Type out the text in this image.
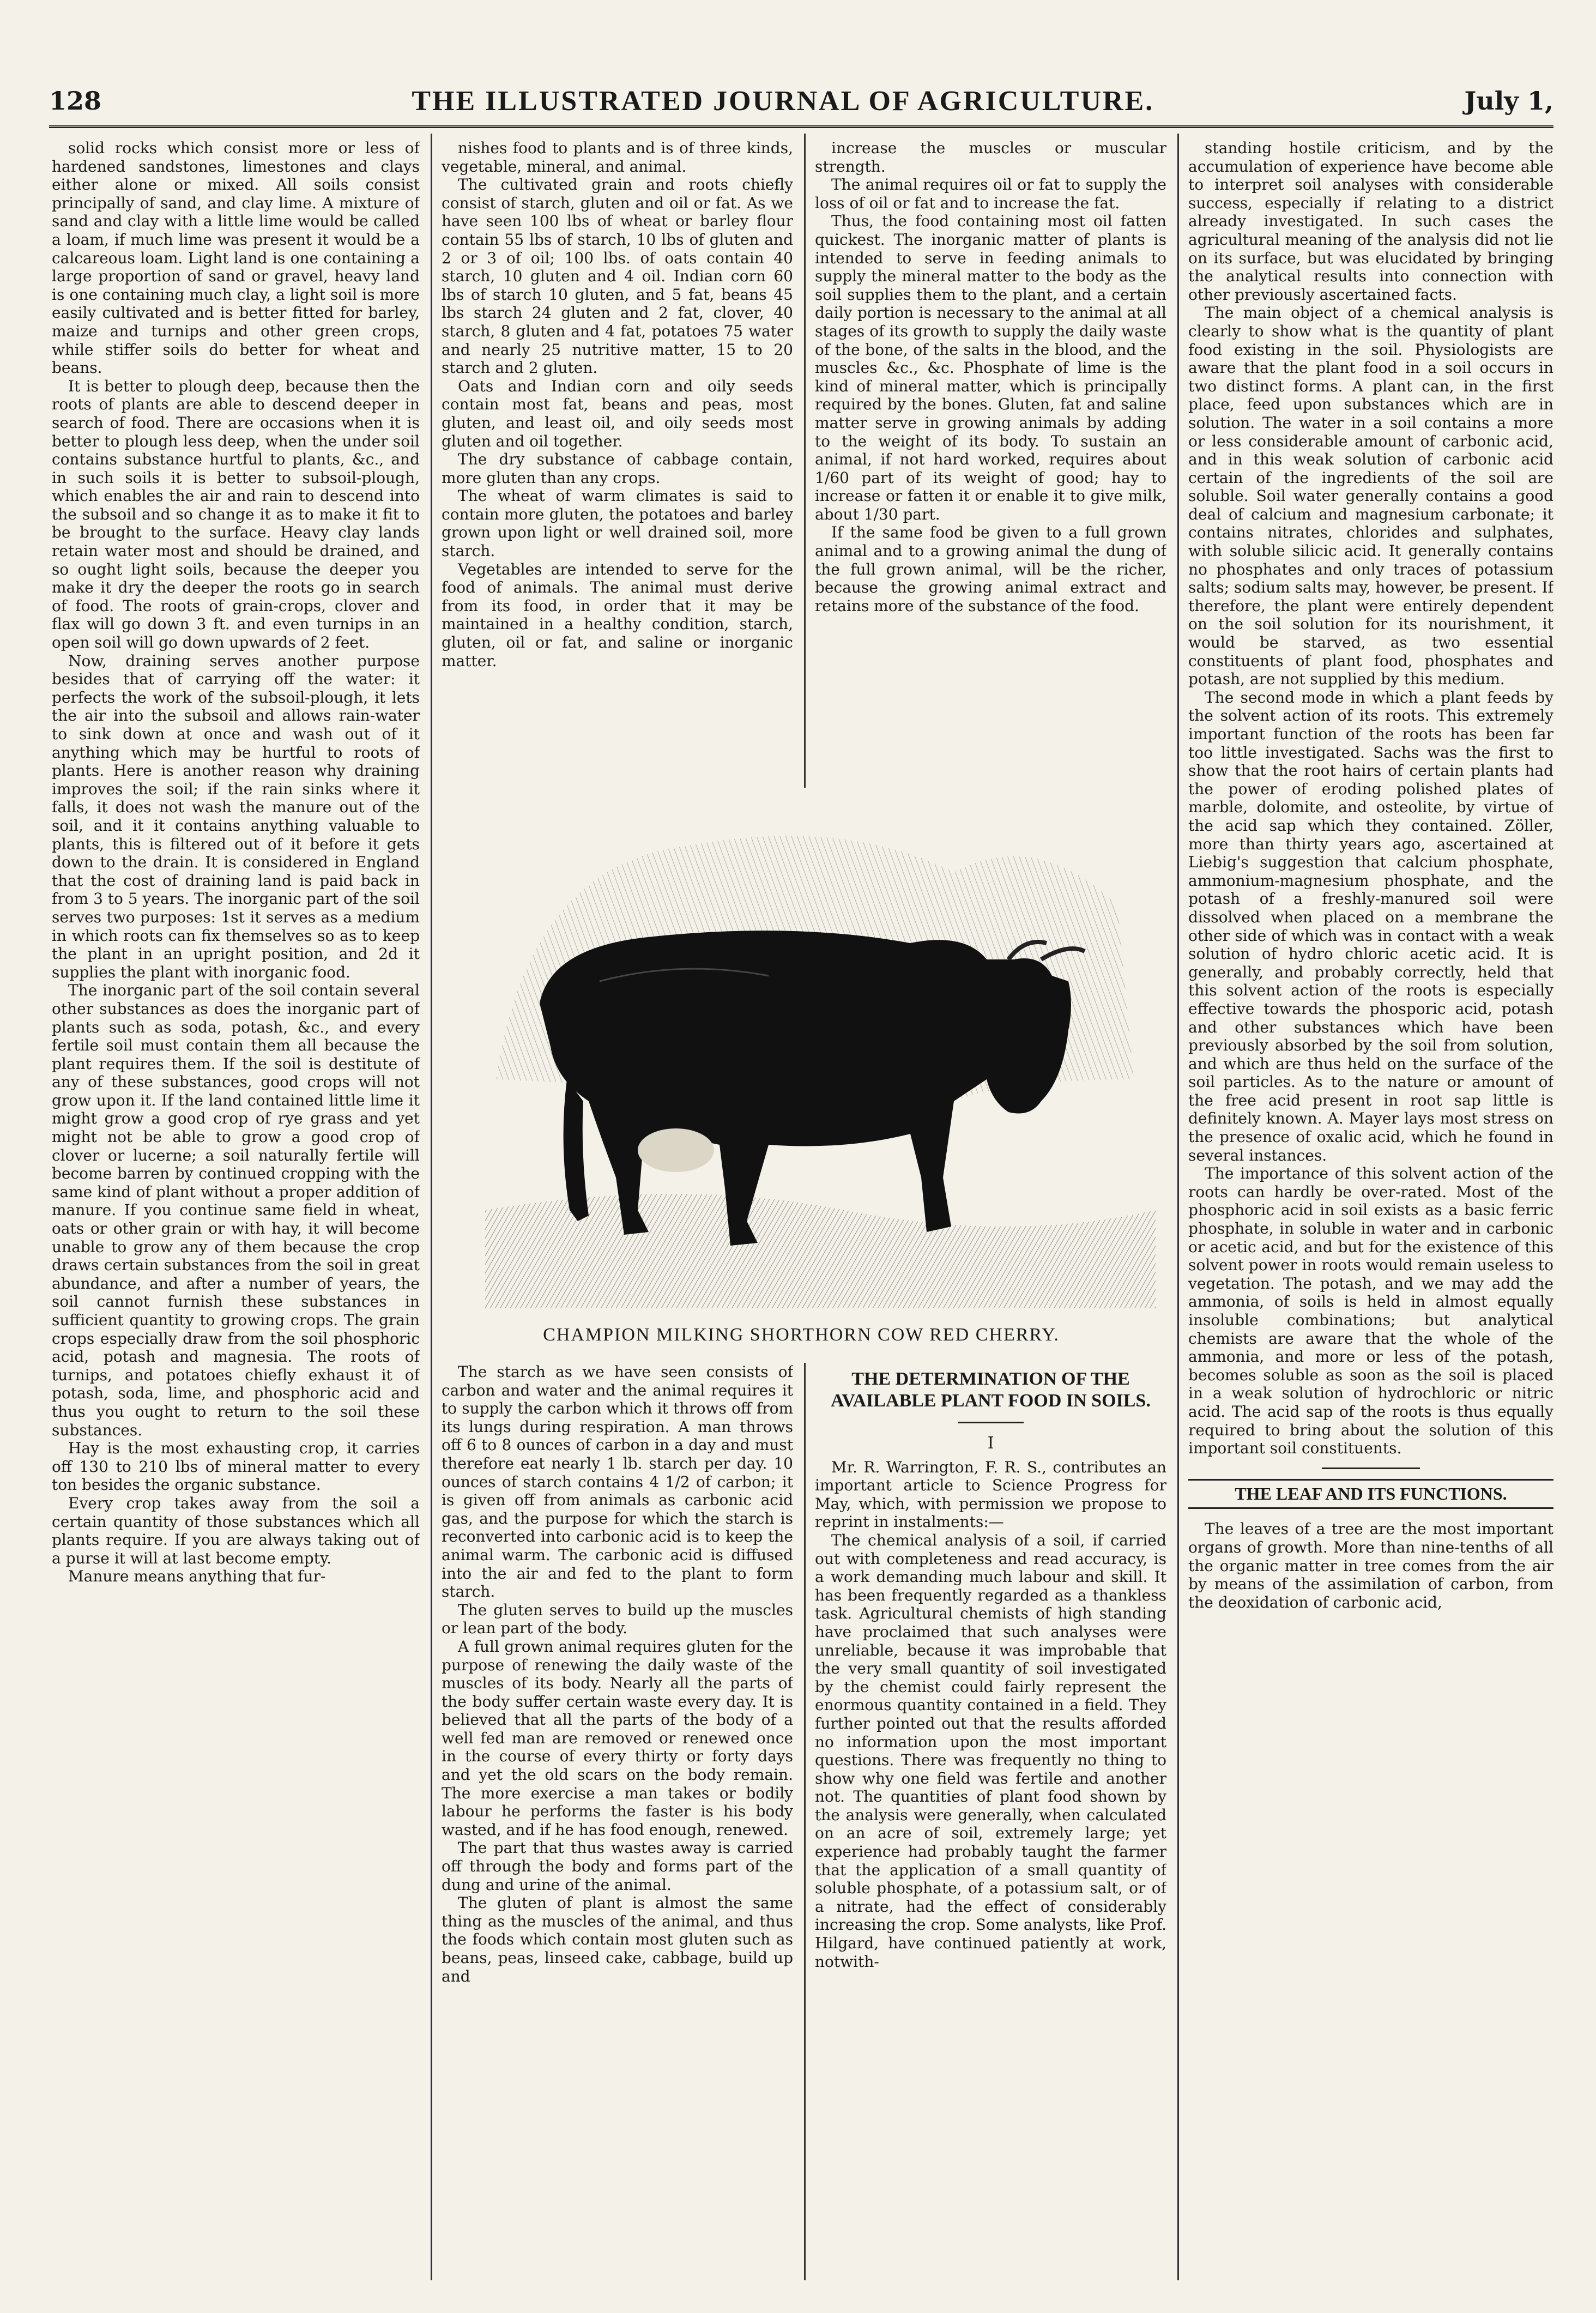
128	THE ILLUSTRATED JOURNAL OF AGRICULTURE.	July 1,

solid rocks which consist more or less of hardened sandstones, limestones and clays either alone or mixed. All soils consist principally of sand, and clay lime. A mixture of sand and clay with a little lime would be called a loam, if much lime was present it would be a calcareous loam. Light land is one containing a large proportion of sand or gravel, heavy land is one containing much clay, a light soil is more easily cultivated and is better fitted for barley, maize and turnips and other green crops, while stiffer soils do better for wheat and beans.

It is better to plough deep, because then the roots of plants are able to descend deeper in search of food. There are occasions when it is better to plough less deep, when the under soil contains substance hurtful to plants, &c., and in such soils it is better to subsoil-plough, which enables the air and rain to descend into the subsoil and so change it as to make it fit to be brought to the surface. Heavy clay lands retain water most and should be drained, and so ought light soils, because the deeper you make it dry the deeper the roots go in search of food. The roots of grain-crops, clover and flax will go down 3 ft. and even turnips in an open soil will go down upwards of 2 feet.

Now, draining serves another purpose besides that of carrying off the water: it perfects the work of the subsoil-plough, it lets the air into the subsoil and allows rain-water to sink down at once and wash out of it anything which may be hurtful to roots of plants. Here is another reason why draining improves the soil; if the rain sinks where it falls, it does not wash the manure out of the soil, and it it contains anything valuable to plants, this is filtered out of it before it gets down to the drain. It is considered in England that the cost of draining land is paid back in from 3 to 5 years. The inorganic part of the soil serves two purposes: 1st it serves as a medium in which roots can fix themselves so as to keep the plant in an upright position, and 2d it supplies the plant with inorganic food.

The inorganic part of the soil contain several other substances as does the inorganic part of plants such as soda, potash, &c., and every fertile soil must contain them all because the plant requires them. If the soil is destitute of any of these substances, good crops will not grow upon it. If the land contained little lime it might grow a good crop of rye grass and yet might not be able to grow a good crop of clover or lucerne; a soil naturally fertile will become barren by continued cropping with the same kind of plant without a proper addition of manure. If you continue same field in wheat, oats or other grain or with hay, it will become unable to grow any of them because the crop draws certain substances from the soil in great abundance, and after a number of years, the soil cannot furnish these substances in sufficient quantity to growing crops. The grain crops especially draw from the soil phosphoric acid, potash and magnesia. The roots of turnips, and potatoes chiefly exhaust it of potash, soda, lime, and phosphoric acid and thus you ought to return to the soil these substances.

Hay is the most exhausting crop, it carries off 130 to 210 lbs of mineral matter to every ton besides the organic substance.

Every crop takes away from the soil a certain quantity of those substances which all plants require. If you are always taking out of a purse it will at last become empty.

Manure means anything that fur-

nishes food to plants and is of three kinds, vegetable, mineral, and animal.

The cultivated grain and roots chiefly consist of starch, gluten and oil or fat. As we have seen 100 lbs of wheat or barley flour contain 55 lbs of starch, 10 lbs of gluten and 2 or 3 of oil; 100 lbs. of oats contain 40 starch, 10 gluten and 4 oil. Indian corn 60 lbs of starch 10 gluten, and 5 fat, beans 45 lbs starch 24 gluten and 2 fat, clover, 40 starch, 8 gluten and 4 fat, potatoes 75 water and nearly 25 nutritive matter, 15 to 20 starch and 2 gluten.

Oats and Indian corn and oily seeds contain most fat, beans and peas, most gluten, and least oil, and oily seeds most gluten and oil together.

The dry substance of cabbage contain, more gluten than any crops.

The wheat of warm climates is said to contain more gluten, the potatoes and barley grown upon light or well drained soil, more starch.

Vegetables are intended to serve for the food of animals. The animal must derive from its food, in order that it may be maintained in a healthy condition, starch, gluten, oil or fat, and saline or inorganic matter.

increase the muscles or muscular strength.

The animal requires oil or fat to supply the loss of oil or fat and to increase the fat.

Thus, the food containing most oil fatten quickest. The inorganic matter of plants is intended to serve in feeding animals to supply the mineral matter to the body as the soil supplies them to the plant, and a certain daily portion is necessary to the animal at all stages of its growth to supply the daily waste of the bone, of the salts in the blood, and the muscles &c., &c. Phosphate of lime is the kind of mineral matter, which is principally required by the bones. Gluten, fat and saline matter serve in growing animals by adding to the weight of its body. To sustain an animal, if not hard worked, requires about 1/60 part of its weight of good; hay to increase or fatten it or enable it to give milk, about 1/30 part.

If the same food be given to a full grown animal and to a growing animal the dung of the full grown animal, will be the richer, because the growing animal extract and retains more of the substance of the food.

CHAMPION MILKING SHORTHORN COW RED CHERRY.

The starch as we have seen consists of carbon and water and the animal requires it to supply the carbon which it throws off from its lungs during respiration. A man throws off 6 to 8 ounces of carbon in a day and must therefore eat nearly 1 lb. starch per day. 10 ounces of starch contains 4 1/2 of carbon; it is given off from animals as carbonic acid gas, and the purpose for which the starch is reconverted into carbonic acid is to keep the animal warm. The carbonic acid is diffused into the air and fed to the plant to form starch.

The gluten serves to build up the muscles or lean part of the body.

A full grown animal requires gluten for the purpose of renewing the daily waste of the muscles of its body. Nearly all the parts of the body suffer certain waste every day. It is believed that all the parts of the body of a well fed man are removed or renewed once in the course of every thirty or forty days and yet the old scars on the body remain. The more exercise a man takes or bodily labour he performs the faster is his body wasted, and if he has food enough, renewed.

The part that thus wastes away is carried off through the body and forms part of the dung and urine of the animal.

The gluten of plant is almost the same thing as the muscles of the animal, and thus the foods which contain most gluten such as beans, peas, linseed cake, cabbage, build up and

THE DETERMINATION OF THE AVAILABLE PLANT FOOD IN SOILS.

I

Mr. R. Warrington, F. R. S., contributes an important article to Science Progress for May, which, with permission we propose to reprint in instalments:—

The chemical analysis of a soil, if carried out with completeness and read accuracy, is a work demanding much labour and skill. It has been frequently regarded as a thankless task. Agricultural chemists of high standing have proclaimed that such analyses were unreliable, because it was improbable that the very small quantity of soil investigated by the chemist could fairly represent the enormous quantity contained in a field. They further pointed out that the results afforded no information upon the most important questions. There was frequently no thing to show why one field was fertile and another not. The quantities of plant food shown by the analysis were generally, when calculated on an acre of soil, extremely large; yet experience had probably taught the farmer that the application of a small quantity of soluble phosphate, of a potassium salt, or of a nitrate, had the effect of considerably increasing the crop. Some analysts, like Prof. Hilgard, have continued patiently at work, notwith-

standing hostile criticism, and by the accumulation of experience have become able to interpret soil analyses with considerable success, especially if relating to a district already investigated. In such cases the agricultural meaning of the analysis did not lie on its surface, but was elucidated by bringing the analytical results into connection with other previously ascertained facts.

The main object of a chemical analysis is clearly to show what is the quantity of plant food existing in the soil. Physiologists are aware that the plant food in a soil occurs in two distinct forms. A plant can, in the first place, feed upon substances which are in solution. The water in a soil contains a more or less considerable amount of carbonic acid, and in this weak solution of carbonic acid certain of the ingredients of the soil are soluble. Soil water generally contains a good deal of calcium and magnesium carbonate; it contains nitrates, chlorides and sulphates, with soluble silicic acid. It generally contains no phosphates and only traces of potassium salts; sodium salts may, however, be present. If therefore, the plant were entirely dependent on the soil solution for its nourishment, it would be starved, as two essential constituents of plant food, phosphates and potash, are not supplied by this medium.

The second mode in which a plant feeds by the solvent action of its roots. This extremely important function of the roots has been far too little investigated. Sachs was the first to show that the root hairs of certain plants had the power of eroding polished plates of marble, dolomite, and osteolite, by virtue of the acid sap which they contained. Zöller, more than thirty years ago, ascertained at Liebig's suggestion that calcium phosphate, ammonium-magnesium phosphate, and the potash of a freshly-manured soil were dissolved when placed on a membrane the other side of which was in contact with a weak solution of hydro chloric acetic acid. It is generally, and probably correctly, held that this solvent action of the roots is especially effective towards the phosporic acid, potash and other substances which have been previously absorbed by the soil from solution, and which are thus held on the surface of the soil particles. As to the nature or amount of the free acid present in root sap little is definitely known. A. Mayer lays most stress on the presence of oxalic acid, which he found in several instances.

The importance of this solvent action of the roots can hardly be over-rated. Most of the phosphoric acid in soil exists as a basic ferric phosphate, in soluble in water and in carbonic or acetic acid, and but for the existence of this solvent power in roots would remain useless to vegetation. The potash, and we may add the ammonia, of soils is held in almost equally insoluble combinations; but analytical chemists are aware that the whole of the ammonia, and more or less of the potash, becomes soluble as soon as the soil is placed in a weak solution of hydrochloric or nitric acid. The acid sap of the roots is thus equally required to bring about the solution of this important soil constituents.

THE LEAF AND ITS FUNCTIONS.

The leaves of a tree are the most important organs of growth. More than nine-tenths of all the organic matter in tree comes from the air by means of the assimilation of carbon, from the deoxidation of carbonic acid,
